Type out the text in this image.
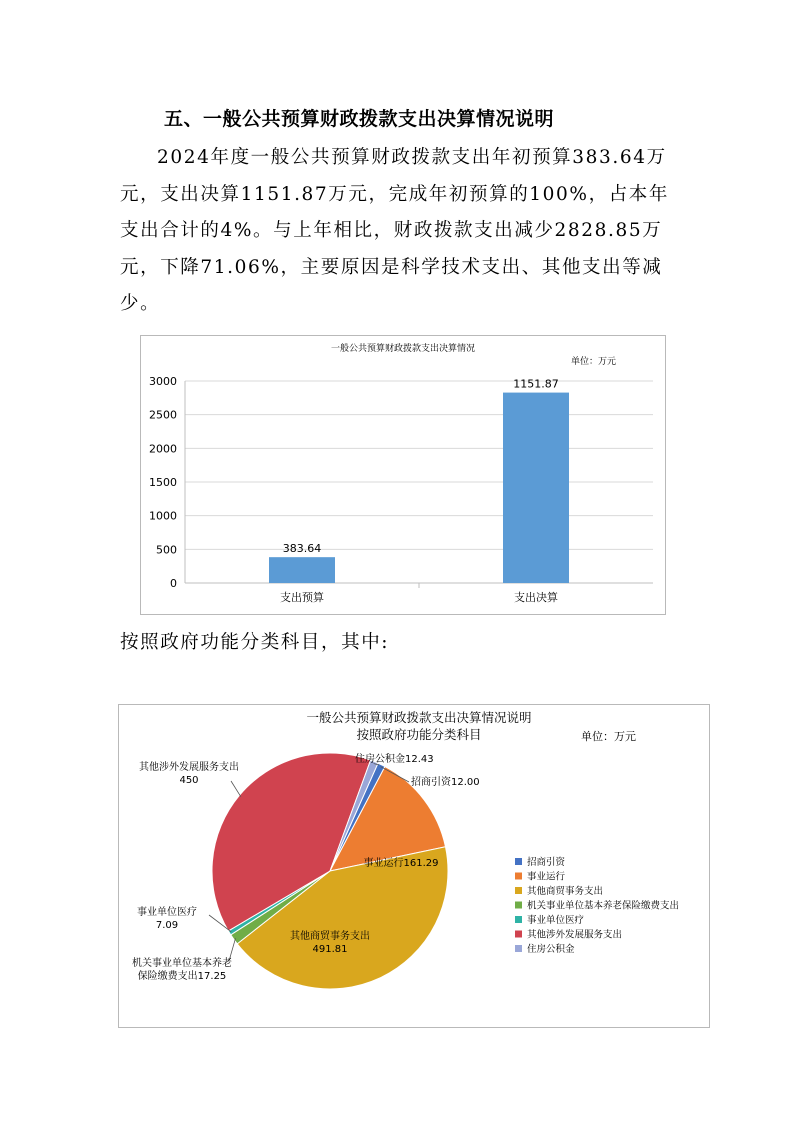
五、一般公共预算财政拨款支出决算情况说明

2024年度一般公共预算财政拨款支出年初预算383.64万元，支出决算1151.87万元，完成年初预算的100%，占本年支出合计的4%。与上年相比，财政拨款支出减少2828.85万元，下降71.06%，主要原因是科学技术支出、其他支出等减少。

一般公共预算财政拨款支出决算情况
单位：万元
0
500
1000
1500
2000
2500
3000
383.64
支出预算
1151.87
支出决算
按照政府功能分类科目，其中:
一般公共预算财政拨款支出决算情况说明
按照政府功能分类科目	单位：万元
招商引资12.00
事业运行161.29
其他商贸事务支出
491.81
机关事业单位基本养老
保险缴费支出17.25
事业单位医疗
7.09
其他涉外发展服务支出
450
住房公积金12.43
招商引资
事业运行
其他商贸事务支出
机关事业单位基本养老保险缴费支出
事业单位医疗
其他涉外发展服务支出
住房公积金
